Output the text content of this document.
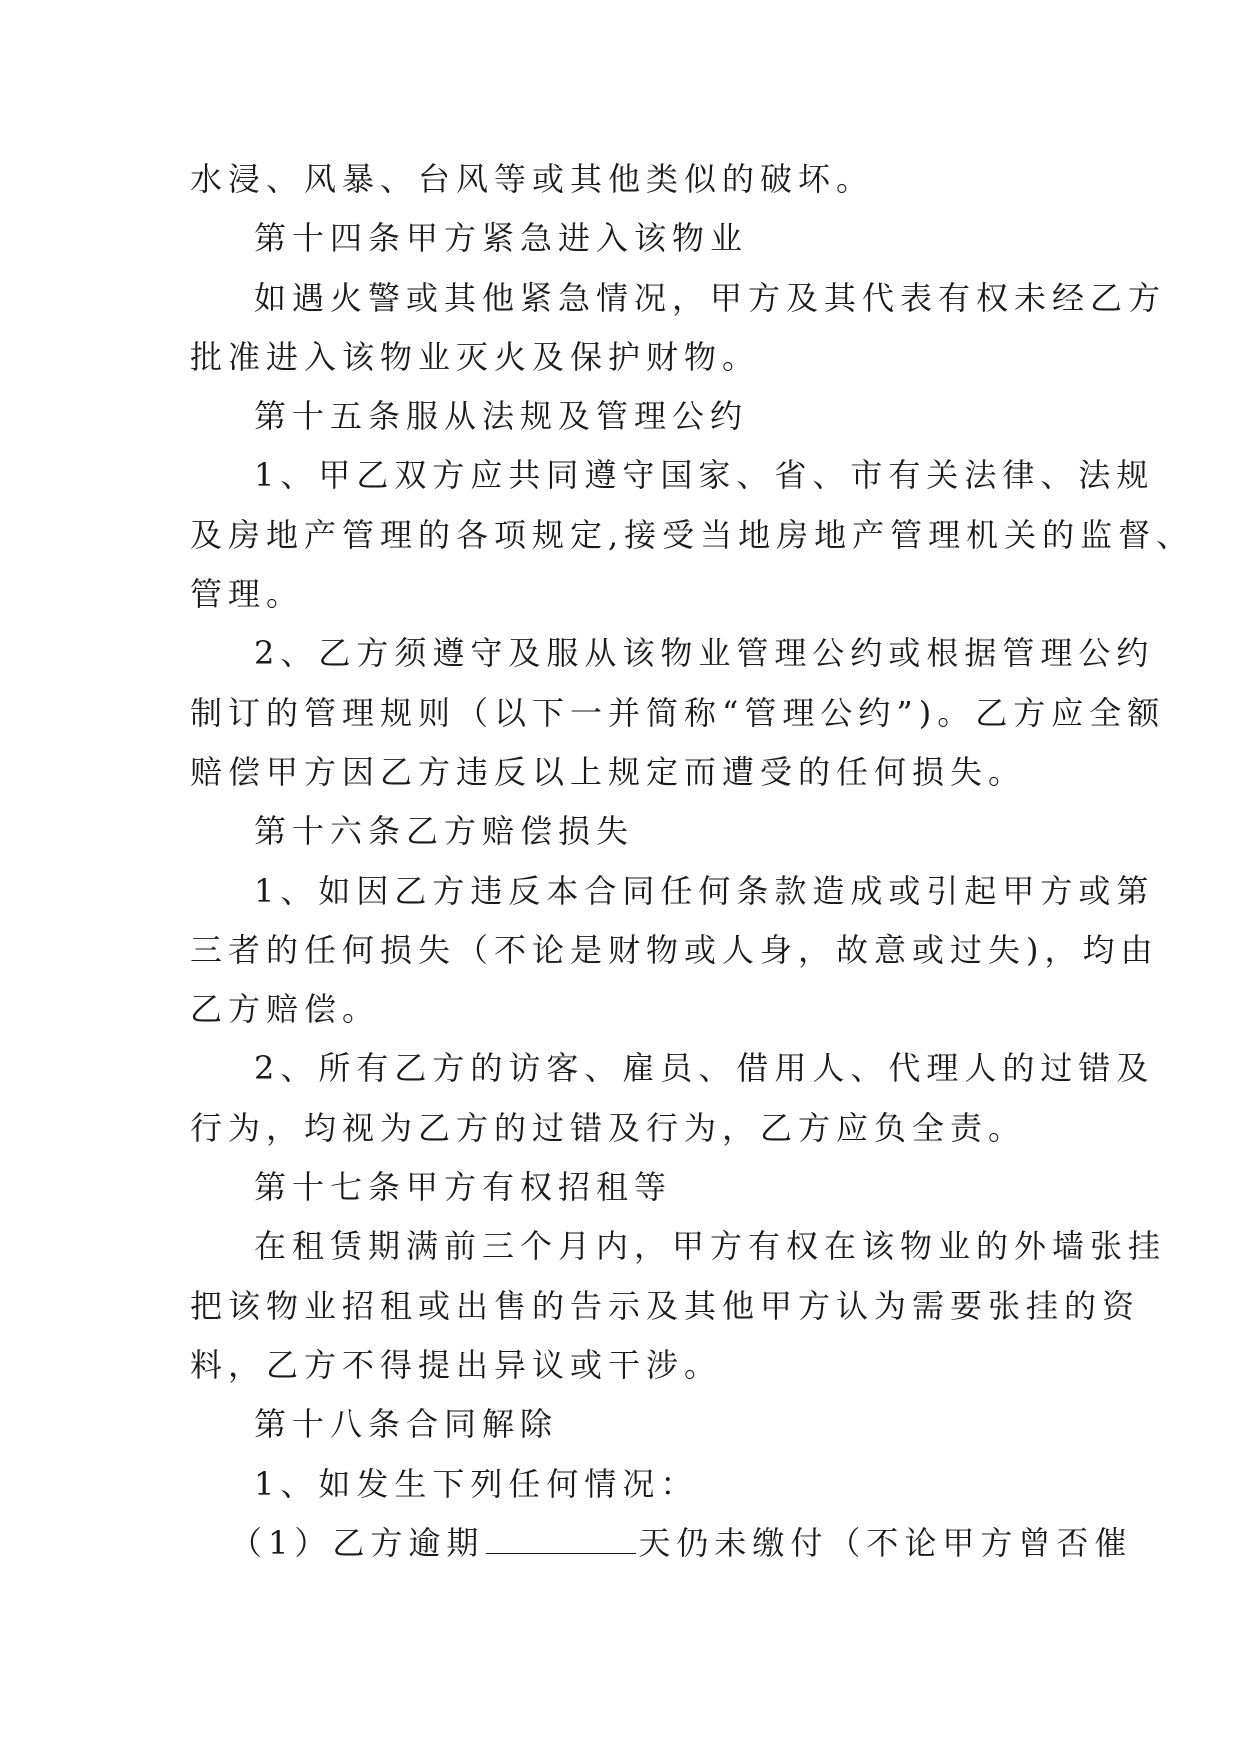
水浸、风暴、台风等或其他类似的破坏。
第十四条甲方紧急进入该物业
如遇火警或其他紧急情况，甲方及其代表有权未经乙方
批准进入该物业灭火及保护财物。
第十五条服从法规及管理公约
1、甲乙双方应共同遵守国家、省、市有关法律、法规
及房地产管理的各项规定,接受当地房地产管理机关的监督、
管理。
2、乙方须遵守及服从该物业管理公约或根据管理公约
制订的管理规则（以下一并简称“管理公约”)。乙方应全额
赔偿甲方因乙方违反以上规定而遭受的任何损失。
第十六条乙方赔偿损失
1、如因乙方违反本合同任何条款造成或引起甲方或第
三者的任何损失（不论是财物或人身，故意或过失)，均由
乙方赔偿。
2、所有乙方的访客、雇员、借用人、代理人的过错及
行为，均视为乙方的过错及行为，乙方应负全责。
第十七条甲方有权招租等
在租赁期满前三个月内，甲方有权在该物业的外墙张挂
把该物业招租或出售的告示及其他甲方认为需要张挂的资
料，乙方不得提出异议或干涉。
第十八条合同解除
1、如发生下列任何情况：
（1）乙方逾期	天仍未缴付（不论甲方曾否催
